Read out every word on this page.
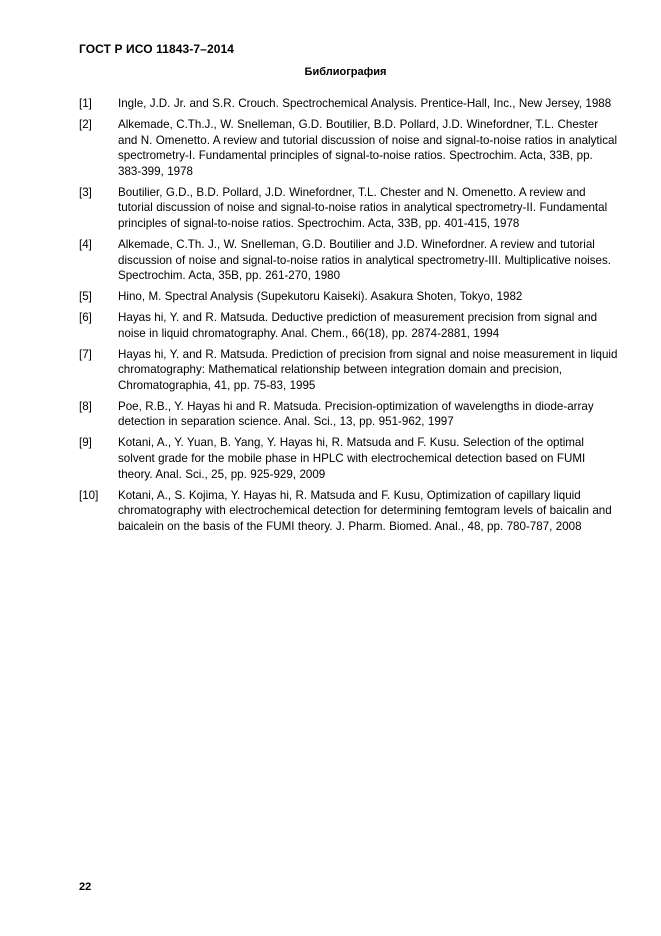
ГОСТ Р ИСО 11843-7–2014
Библиография
[1] Ingle, J.D. Jr. and S.R. Crouch. Spectrochemical Analysis. Prentice-Hall, Inc., New Jersey, 1988
[2] Alkemade, C.Th.J., W. Snelleman, G.D. Boutilier, B.D. Pollard, J.D. Winefordner, T.L. Chester and N. Omenetto. A review and tutorial discussion of noise and signal-to-noise ratios in analytical spectrometry-I. Fundamental principles of signal-to-noise ratios. Spectrochim. Acta, 33B, pp. 383-399, 1978
[3] Boutilier, G.D., B.D. Pollard, J.D. Winefordner, T.L. Chester and N. Omenetto. A review and tutorial discussion of noise and signal-to-noise ratios in analytical spectrometry-II. Fundamental principles of signal-to-noise ratios. Spectrochim. Acta, 33B, pp. 401-415, 1978
[4] Alkemade, C.Th. J., W. Snelleman, G.D. Boutilier and J.D. Winefordner. A review and tutorial discussion of noise and signal-to-noise ratios in analytical spectrometry-III. Multiplicative noises. Spectrochim. Acta, 35B, pp. 261-270, 1980
[5] Hino, M. Spectral Analysis (Supekutoru Kaiseki). Asakura Shoten, Tokyo, 1982
[6] Hayas hi, Y. and R. Matsuda. Deductive prediction of measurement precision from signal and noise in liquid chromatography. Anal. Chem., 66(18), pp. 2874-2881, 1994
[7] Hayas hi, Y. and R. Matsuda. Prediction of precision from signal and noise measurement in liquid chromatography: Mathematical relationship between integration domain and precision, Chromatographia, 41, pp. 75-83, 1995
[8] Poe, R.B., Y. Hayas hi and R. Matsuda. Precision-optimization of wavelengths in diode-array detection in separation science. Anal. Sci., 13, pp. 951-962, 1997
[9] Kotani, A., Y. Yuan, B. Yang, Y. Hayas hi, R. Matsuda and F. Kusu. Selection of the optimal solvent grade for the mobile phase in HPLC with electrochemical detection based on FUMI theory. Anal. Sci., 25, pp. 925-929, 2009
[10] Kotani, A., S. Kojima, Y. Hayas hi, R. Matsuda and F. Kusu, Optimization of capillary liquid chromatography with electrochemical detection for determining femtogram levels of baicalin and baicalein on the basis of the FUMI theory. J. Pharm. Biomed. Anal., 48, pp. 780-787, 2008
22
